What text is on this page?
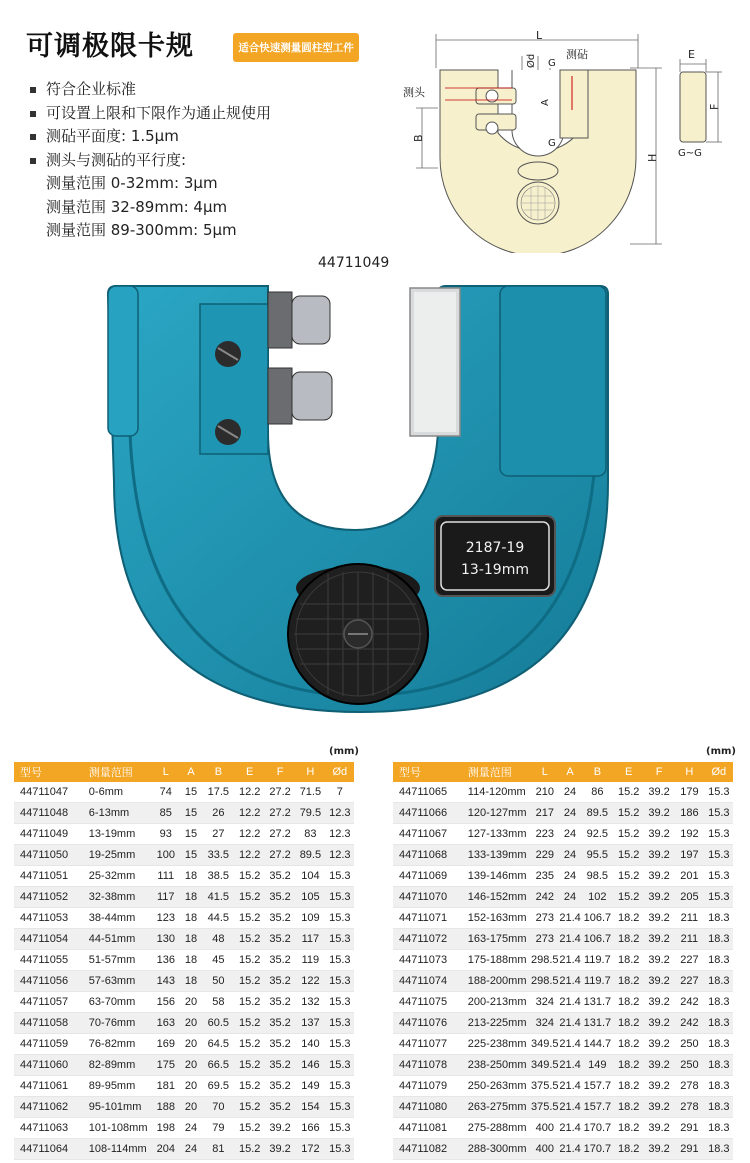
可调极限卡规	适合快速测量圆柱型工件
符合企业标准
可设置上限和下限作为通止规使用
测砧平面度: 1.5μm
测头与测砧的平行度:
测量范围 0-32mm: 3μm
测量范围 32-89mm: 4μm
测量范围 89-300mm: 5μm
L
Ød	测砧
测头
G
G
A
B
H
E
F
G~G
44711049
2187-19
13-19mm
(mm)	(mm)
型号	测量范围	L	A	B	E	F	H	Ød
44711047	0-6mm	74	15	17.5	12.2	27.2	71.5	7
44711048	6-13mm	85	15	26	12.2	27.2	79.5	12.3
44711049	13-19mm	93	15	27	12.2	27.2	83	12.3
44711050	19-25mm	100	15	33.5	12.2	27.2	89.5	12.3
44711051	25-32mm	111	18	38.5	15.2	35.2	104	15.3
44711052	32-38mm	117	18	41.5	15.2	35.2	105	15.3
44711053	38-44mm	123	18	44.5	15.2	35.2	109	15.3
44711054	44-51mm	130	18	48	15.2	35.2	117	15.3
44711055	51-57mm	136	18	45	15.2	35.2	119	15.3
44711056	57-63mm	143	18	50	15.2	35.2	122	15.3
44711057	63-70mm	156	20	58	15.2	35.2	132	15.3
44711058	70-76mm	163	20	60.5	15.2	35.2	137	15.3
44711059	76-82mm	169	20	64.5	15.2	35.2	140	15.3
44711060	82-89mm	175	20	66.5	15.2	35.2	146	15.3
44711061	89-95mm	181	20	69.5	15.2	35.2	149	15.3
44711062	95-101mm	188	20	70	15.2	35.2	154	15.3
44711063	101-108mm	198	24	79	15.2	39.2	166	15.3
44711064	108-114mm	204	24	81	15.2	39.2	172	15.3
型号	测量范围	L	A	B	E	F	H	Ød
44711065	114-120mm	210	24	86	15.2	39.2	179	15.3
44711066	120-127mm	217	24	89.5	15.2	39.2	186	15.3
44711067	127-133mm	223	24	92.5	15.2	39.2	192	15.3
44711068	133-139mm	229	24	95.5	15.2	39.2	197	15.3
44711069	139-146mm	235	24	98.5	15.2	39.2	201	15.3
44711070	146-152mm	242	24	102	15.2	39.2	205	15.3
44711071	152-163mm	273	21.4	106.7	18.2	39.2	211	18.3
44711072	163-175mm	273	21.4	106.7	18.2	39.2	211	18.3
44711073	175-188mm	298.5	21.4	119.7	18.2	39.2	227	18.3
44711074	188-200mm	298.5	21.4	119.7	18.2	39.2	227	18.3
44711075	200-213mm	324	21.4	131.7	18.2	39.2	242	18.3
44711076	213-225mm	324	21.4	131.7	18.2	39.2	242	18.3
44711077	225-238mm	349.5	21.4	144.7	18.2	39.2	250	18.3
44711078	238-250mm	349.5	21.4	149	18.2	39.2	250	18.3
44711079	250-263mm	375.5	21.4	157.7	18.2	39.2	278	18.3
44711080	263-275mm	375.5	21.4	157.7	18.2	39.2	278	18.3
44711081	275-288mm	400	21.4	170.7	18.2	39.2	291	18.3
44711082	288-300mm	400	21.4	170.7	18.2	39.2	291	18.3
